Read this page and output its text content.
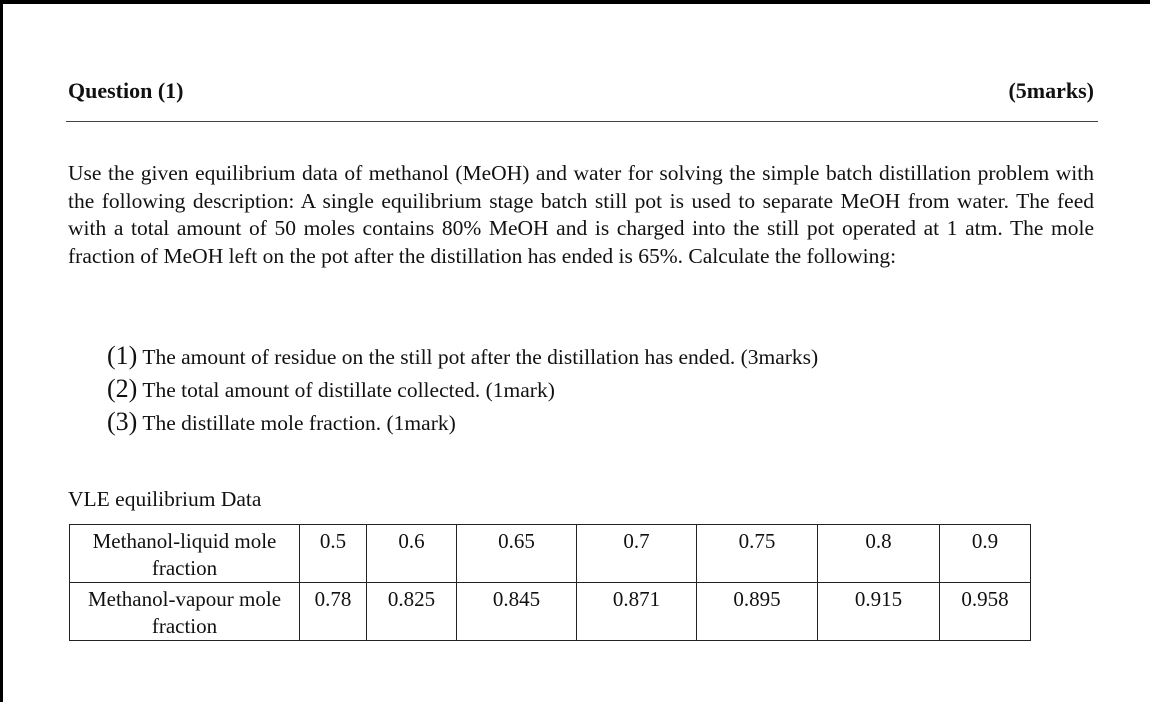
Question (1)	(5marks)
Use the given equilibrium data of methanol (MeOH) and water for solving the simple batch distillation problem with the following description: A single equilibrium stage batch still pot is used to separate MeOH from water. The feed with a total amount of 50 moles contains 80% MeOH and is charged into the still pot operated at 1 atm. The mole fraction of MeOH left on the pot after the distillation has ended is 65%. Calculate the following:
(1) The amount of residue on the still pot after the distillation has ended. (3marks)
(2) The total amount of distillate collected. (1mark)
(3) The distillate mole fraction. (1mark)
VLE equilibrium Data
Methanol-liquid mole fraction	0.5	0.6	0.65	0.7	0.75	0.8	0.9
Methanol-vapour mole fraction	0.78	0.825	0.845	0.871	0.895	0.915	0.958
